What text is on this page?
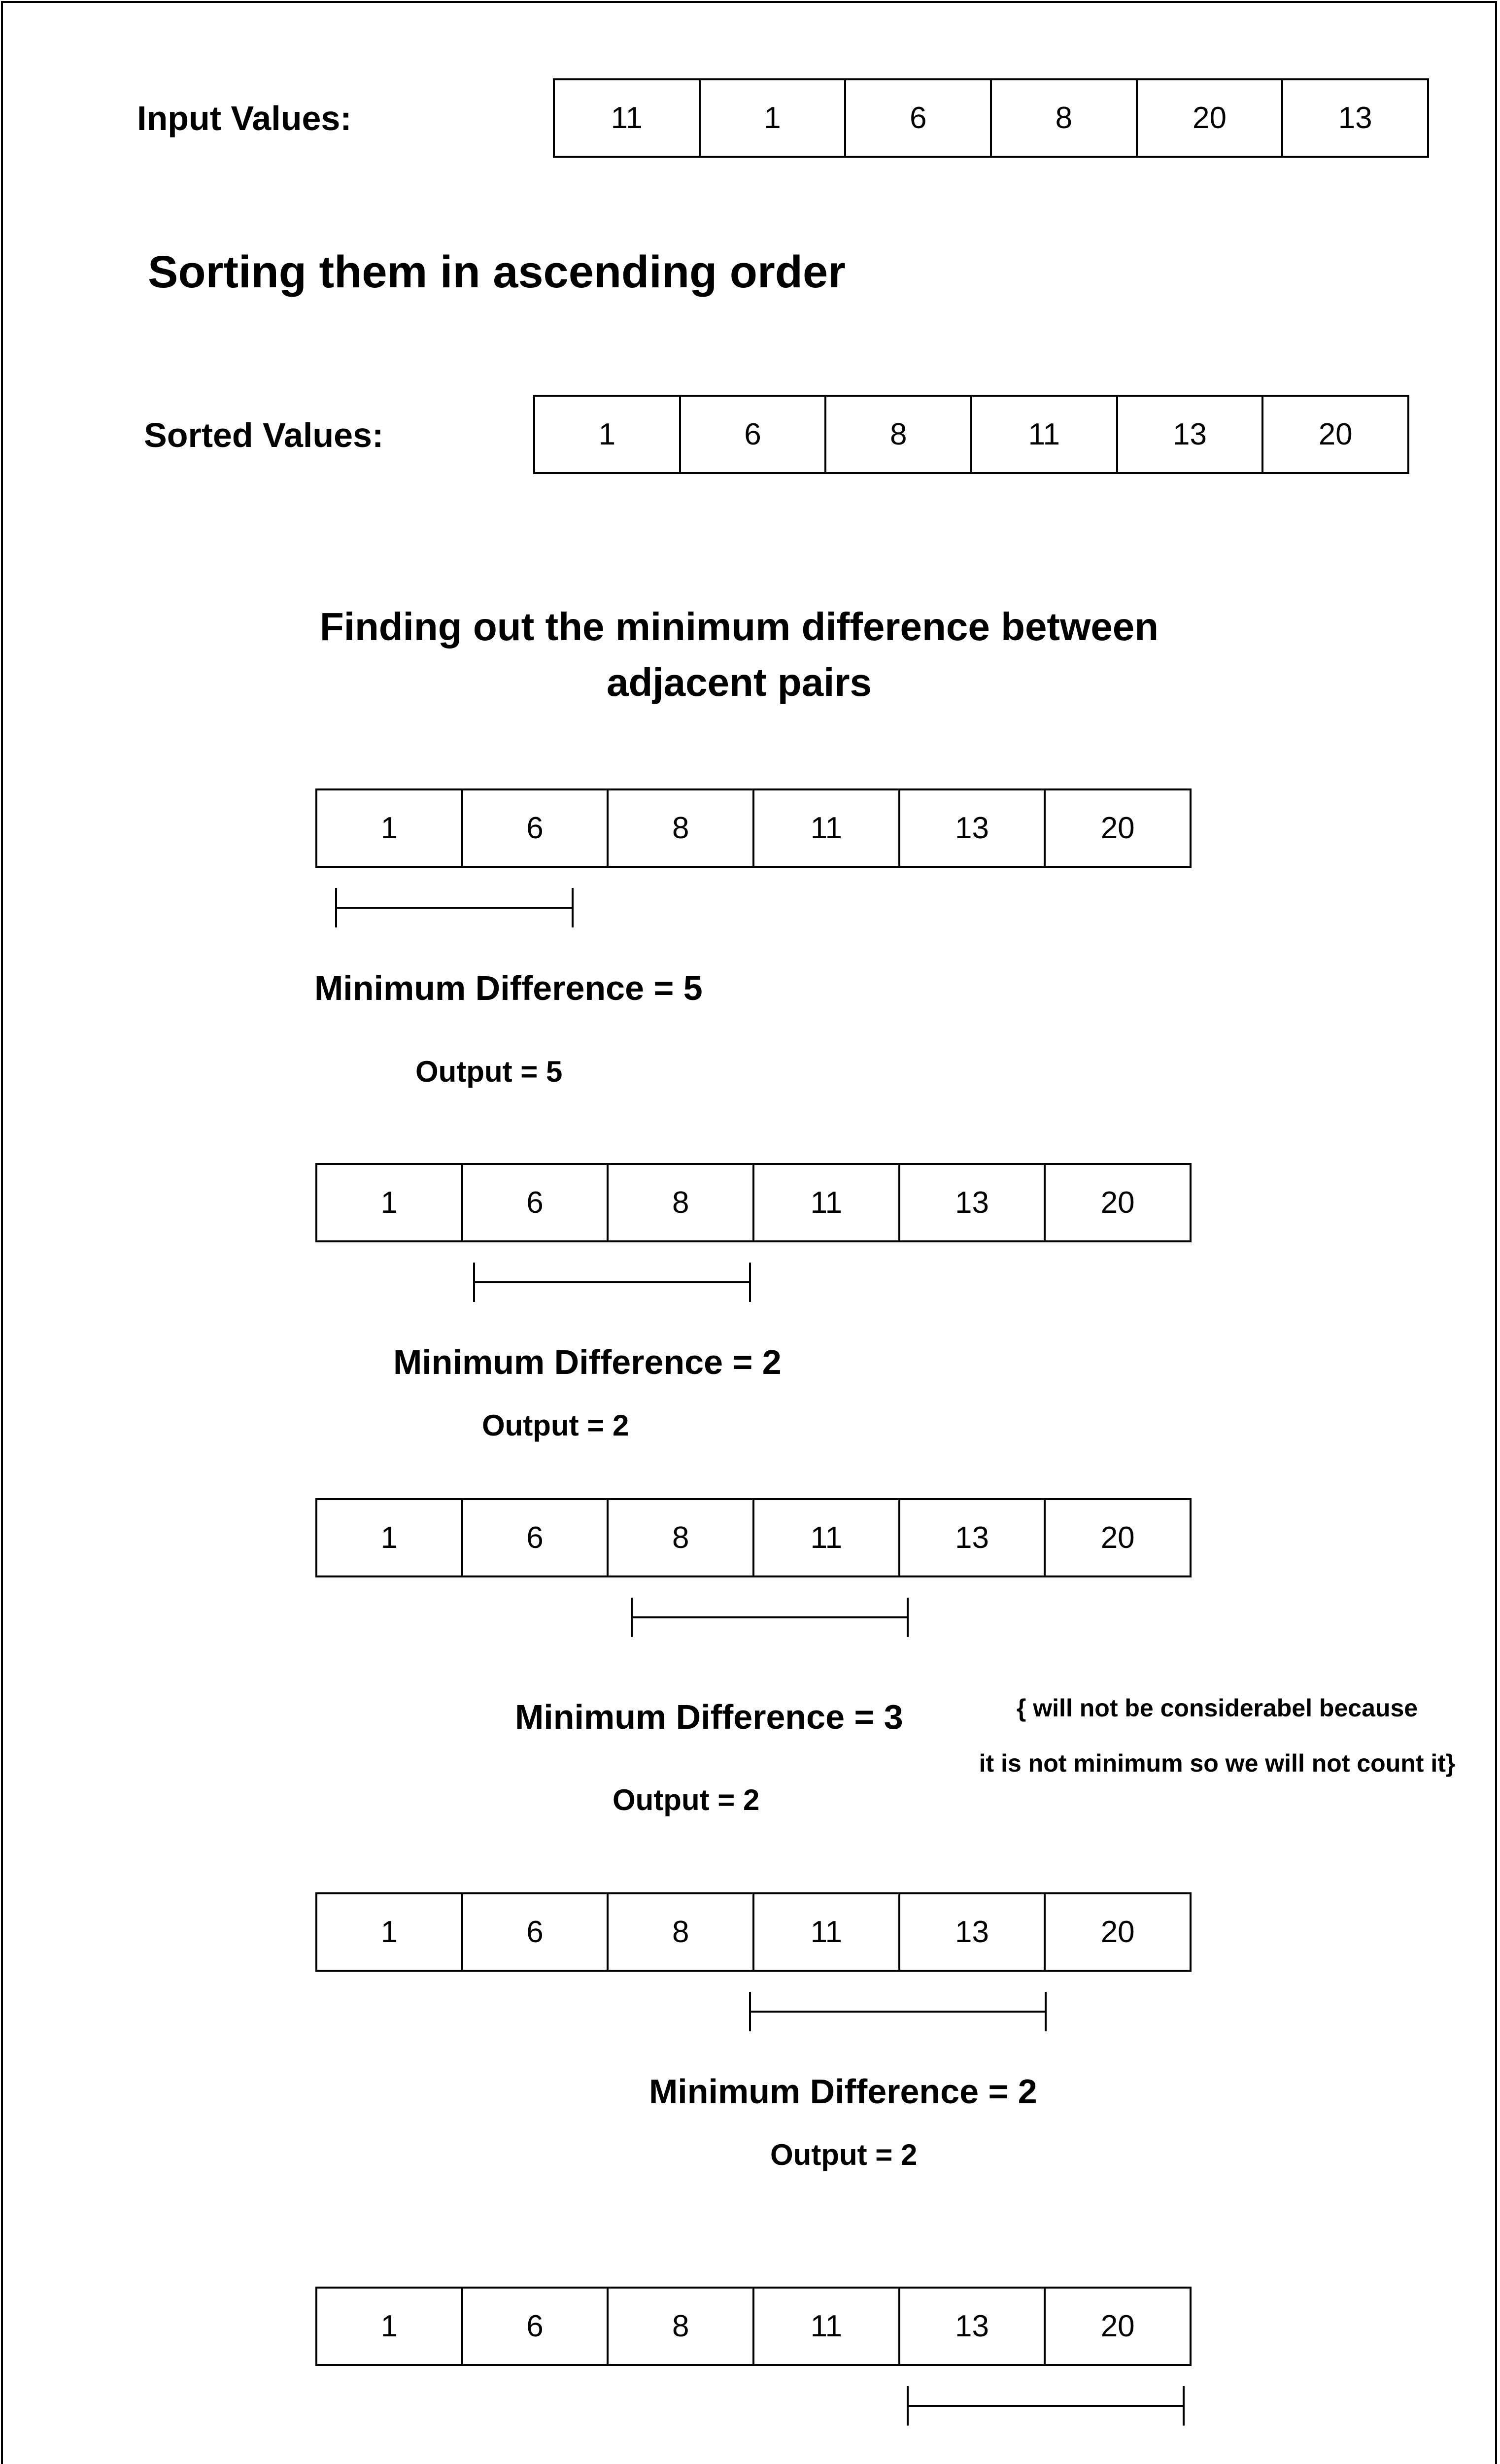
Input Values:	11	1	6	8	20	13
Sorting them in ascending order
Sorted Values:	1	6	8	11	13	20
Finding out the minimum difference between
adjacent pairs
1	6	8	11	13	20
Minimum Difference = 5
Output = 5
1	6	8	11	13	20
Minimum Difference = 2
Output = 2
1	6	8	11	13	20
Minimum Difference = 3
Output = 2
{ will not be considerabel because
it is not minimum so we will not count it}
1	6	8	11	13	20
Minimum Difference = 2
Output = 2
1	6	8	11	13	20
